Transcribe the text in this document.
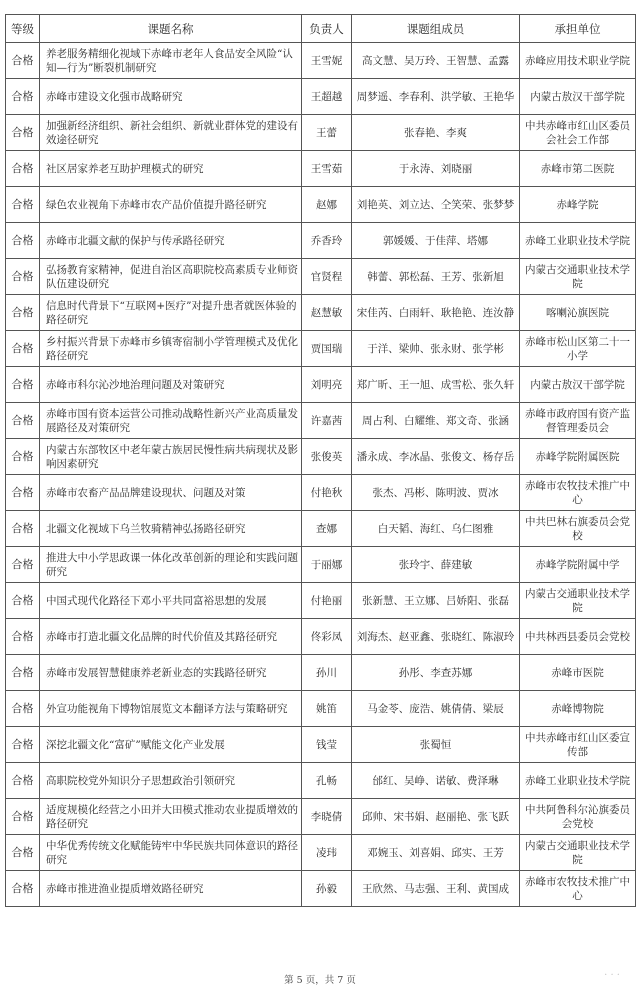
等级	课题名称	负责人	课题组成员	承担单位
合格	养老服务精细化视域下赤峰市老年人食品安全风险“认知—行为”断裂机制研究	王雪妮	高文慧、吴万玲、王智慧、孟露	赤峰应用技术职业学院
合格	赤峰市建设文化强市战略研究	王超越	周梦遥、李春利、洪学敏、王艳华	内蒙古敖汉干部学院
合格	加强新经济组织、新社会组织、新就业群体党的建设有效途径研究	王蕾	张春艳、李爽	中共赤峰市红山区委员会社会工作部
合格	社区居家养老互助护理模式的研究	王雪茹	于永涛、刘晓丽	赤峰市第二医院
合格	绿色农业视角下赤峰市农产品价值提升路径研究	赵娜	刘艳英、刘立达、仝笑荣、张梦梦	赤峰学院
合格	赤峰市北疆文献的保护与传承路径研究	乔香玲	郭媛媛、于佳萍、塔娜	赤峰工业职业技术学院
合格	弘扬教育家精神，促进自治区高职院校高素质专业师资队伍建设研究	官贤程	韩蕾、郭松磊、王芳、张新旭	内蒙古交通职业技术学院
合格	信息时代背景下“互联网+医疗”对提升患者就医体验的路径研究	赵慧敏	宋佳芮、白雨轩、耿艳艳、连汝静	喀喇沁旗医院
合格	乡村振兴背景下赤峰市乡镇寄宿制小学管理模式及优化路径研究	贾国瑞	于洋、梁帅、张永财、张学彬	赤峰市松山区第二十一小学
合格	赤峰市科尔沁沙地治理问题及对策研究	刘明亮	郑广昕、王一旭、成雪松、张久轩	内蒙古敖汉干部学院
合格	赤峰市国有资本运营公司推动战略性新兴产业高质量发展路径及对策研究	许嘉茜	周占利、白耀维、郑文奇、张涵	赤峰市政府国有资产监督管理委员会
合格	内蒙古东部牧区中老年蒙古族居民慢性病共病现状及影响因素研究	张俊英	潘永成、李冰晶、张俊文、杨存岳	赤峰学院附属医院
合格	赤峰市农畜产品品牌建设现状、问题及对策	付艳秋	张杰、冯彬、陈明波、贾冰	赤峰市农牧技术推广中心
合格	北疆文化视域下乌兰牧骑精神弘扬路径研究	查娜	白天韬、海红、乌仁图雅	中共巴林右旗委员会党校
合格	推进大中小学思政课一体化改革创新的理论和实践问题研究	于丽娜	张玲宇、薛建敏	赤峰学院附属中学
合格	中国式现代化路径下邓小平共同富裕思想的发展	付艳丽	张新慧、王立娜、吕娇阳、张磊	内蒙古交通职业技术学院
合格	赤峰市打造北疆文化品牌的时代价值及其路径研究	佟彩凤	刘海杰、赵亚鑫、张晓红、陈淑玲	中共林西县委员会党校
合格	赤峰市发展智慧健康养老新业态的实践路径研究	孙川	孙彤、李查苏娜	赤峰市医院
合格	外宣功能视角下博物馆展览文本翻译方法与策略研究	姚笛	马金苓、庞浩、姚倩倩、梁辰	赤峰博物院
合格	深挖北疆文化“富矿”赋能文化产业发展	钱莹	张蜀恒	中共赤峰市红山区委宣传部
合格	高职院校党外知识分子思想政治引领研究	孔畅	邰红、吴峥、诺敏、费泽琳	赤峰工业职业技术学院
合格	适度规模化经营之小田并大田模式推动农业提质增效的路径研究	李晓倩	邱帅、宋书娟、赵丽艳、张飞跃	中共阿鲁科尔沁旗委员会党校
合格	中华优秀传统文化赋能铸牢中华民族共同体意识的路径研究	凌玮	邓婉玉、刘喜娟、邱实、王芳	内蒙古交通职业技术学院
合格	赤峰市推进渔业提质增效路径研究	孙毅	王欣然、马志强、王利、黄国成	赤峰市农牧技术推广中心
第 5 页，共 7 页	· · ·
